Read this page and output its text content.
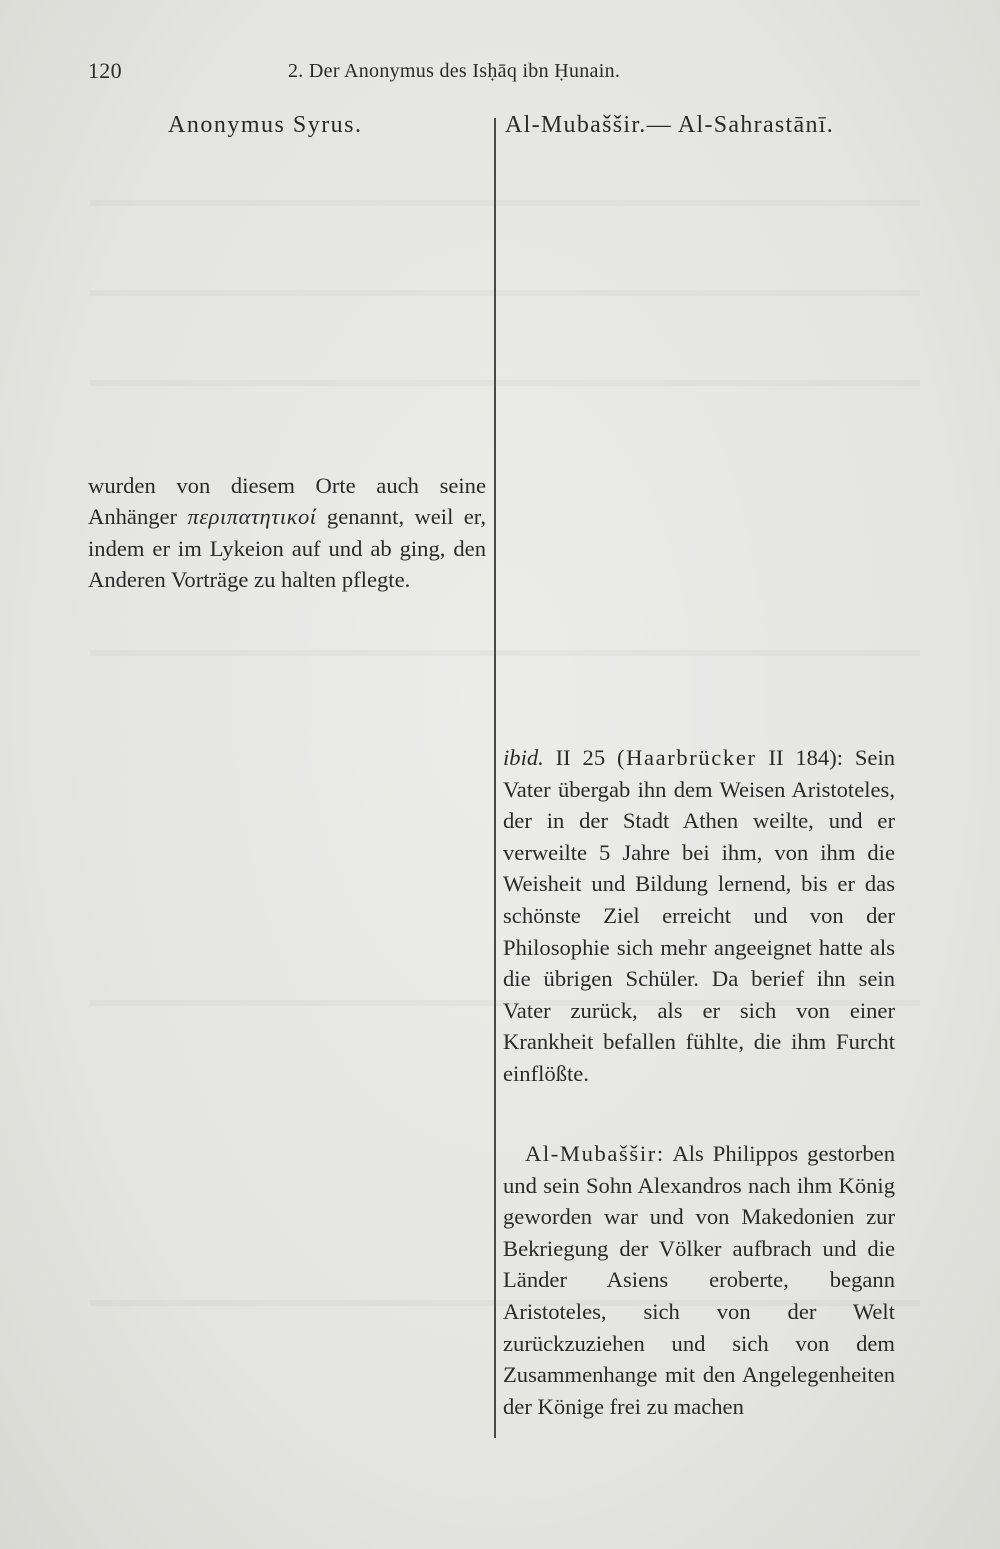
120	2. Der Anonymus des Isḥāq ibn Ḥunain.
Anonymus Syrus.	Al-Mubaššir.— Al-Sahrastānī.
wurden von diesem Orte auch seine Anhänger περιπατητικοί genannt, weil er, indem er im Lykeion auf und ab ging, den Anderen Vorträge zu halten pflegte.
ibid. II 25 (Haarbrücker II 184): Sein Vater übergab ihn dem Weisen Aristoteles, der in der Stadt Athen weilte, und er verweilte 5 Jahre bei ihm, von ihm die Weisheit und Bildung lernend, bis er das schönste Ziel erreicht und von der Philosophie sich mehr angeeignet hatte als die übrigen Schüler. Da berief ihn sein Vater zurück, als er sich von einer Krankheit befallen fühlte, die ihm Furcht einflößte.
Al-Mubaššir: Als Philippos gestorben und sein Sohn Alexandros nach ihm König geworden war und von Makedonien zur Bekriegung der Völker aufbrach und die Länder Asiens eroberte, begann Aristoteles, sich von der Welt zurückzuziehen und sich von dem Zusammenhange mit den Angelegenheiten der Könige frei zu machen
